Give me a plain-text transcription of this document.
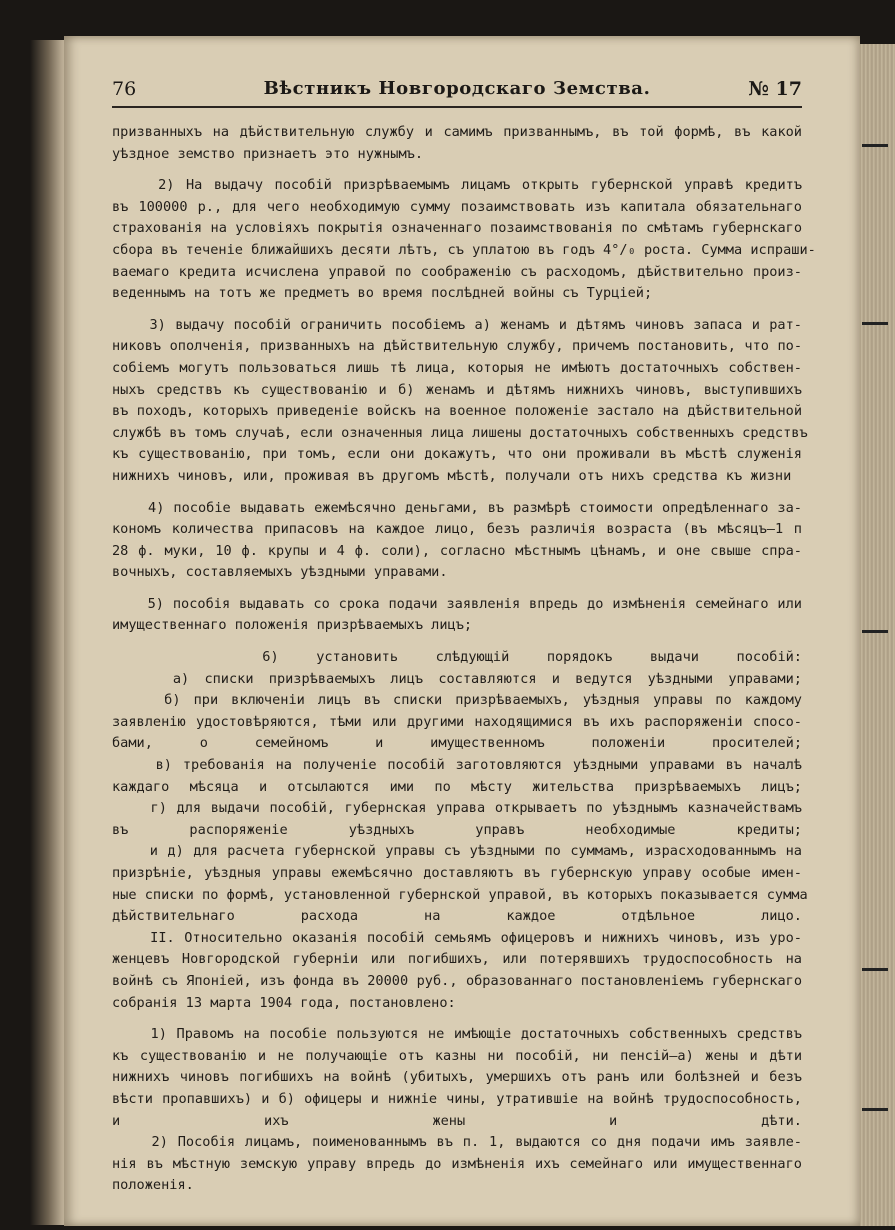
76	Вѣстникъ Новгородскаго Земства.	№ 17
призванныхъ на дѣйствительную службу и самимъ призваннымъ, въ той формѣ, въ какой
уѣздное земство признаетъ это нужнымъ.
2) На выдачу пособій призрѣваемымъ лицамъ открыть губернской управѣ кредитъ
въ 100000 р., для чего необходимую сумму позаимствовать изъ капитала обязательнаго
страхованія на условіяхъ покрытія означеннаго позаимствованія по смѣтамъ губернскаго
сбора въ теченіе ближайшихъ десяти лѣтъ, съ уплатою въ годъ 4°/₀ роста. Сумма испраши-
ваемаго кредита исчислена управой по соображенію съ расходомъ, дѣйствительно произ-
веденнымъ на тотъ же предметъ во время послѣдней войны съ Турціей;
3) выдачу пособій ограничить пособіемъ а) женамъ и дѣтямъ чиновъ запаса и рат-
никовъ ополченія, призванныхъ на дѣйствительную службу, причемъ постановить, что по-
собіемъ могутъ пользоваться лишь тѣ лица, которыя не имѣютъ достаточныхъ собствен-
ныхъ средствъ къ существованію и б) женамъ и дѣтямъ нижнихъ чиновъ, выступившихъ
въ походъ, которыхъ приведеніе войскъ на военное положеніе застало на дѣйствительной
службѣ въ томъ случаѣ, если означенныя лица лишены достаточныхъ собственныхъ средствъ
къ существованію, при томъ, если они докажутъ, что они проживали въ мѣстѣ служенія
нижнихъ чиновъ, или, проживая въ другомъ мѣстѣ, получали отъ нихъ средства къ жизни
4) пособіе выдавать ежемѣсячно деньгами, въ размѣрѣ стоимости опредѣленнаго за-
кономъ количества припасовъ на каждое лицо, безъ различія возраста (въ мѣсяцъ—1 п
28 ф. муки, 10 ф. крупы и 4 ф. соли), согласно мѣстнымъ цѣнамъ, и оне свыше спра-
вочныхъ, составляемыхъ уѣздными управами.
5) пособія выдавать со срока подачи заявленія впредь до измѣненія семейнаго или
имущественнаго положенія призрѣваемыхъ лицъ;
6) установить слѣдующій порядокъ выдачи пособій:
а) списки призрѣваемыхъ лицъ составляются и ведутся уѣздными управами;
б) при включеніи лицъ въ списки призрѣваемыхъ, уѣздныя управы по каждому
заявленію удостовѣряются, тѣми или другими находящимися въ ихъ распоряженіи спосо-
бами, о семейномъ и имущественномъ положеніи просителей;
в) требованія на полученіе пособій заготовляются уѣздными управами въ началѣ
каждаго мѣсяца и отсылаются ими по мѣсту жительства призрѣваемыхъ лицъ;
г) для выдачи пособій, губернская управа открываетъ по уѣзднымъ казначействамъ
въ распоряженіе уѣздныхъ управъ необходимые кредиты;
и д) для расчета губернской управы съ уѣздными по суммамъ, израсходованнымъ на
призрѣніе, уѣздныя управы ежемѣсячно доставляютъ въ губернскую управу особые имен-
ные списки по формѣ, установленной губернской управой, въ которыхъ показывается сумма
дѣйствительнаго расхода на каждое отдѣльное лицо.
II. Относительно оказанія пособій семьямъ офицеровъ и нижнихъ чиновъ, изъ уро-
женцевъ Новгородской губерніи или погибшихъ, или потерявшихъ трудоспособность на
войнѣ съ Японіей, изъ фонда въ 20000 руб., образованнаго постановленіемъ губернскаго
собранія 13 марта 1904 года, постановлено:
1) Правомъ на пособіе пользуются не имѣющіе достаточныхъ собственныхъ средствъ
къ существованію и не получающіе отъ казны ни пособій, ни пенсій—а) жены и дѣти
нижнихъ чиновъ погибшихъ на войнѣ (убитыхъ, умершихъ отъ ранъ или болѣзней и безъ
вѣсти пропавшихъ) и б) офицеры и нижніе чины, утратившіе на войнѣ трудоспособность,
и ихъ жены и дѣти.
2) Пособія лицамъ, поименованнымъ въ п. 1, выдаются со дня подачи имъ заявле-
нія въ мѣстную земскую управу впредь до измѣненія ихъ семейнаго или имущественнаго
положенія.
